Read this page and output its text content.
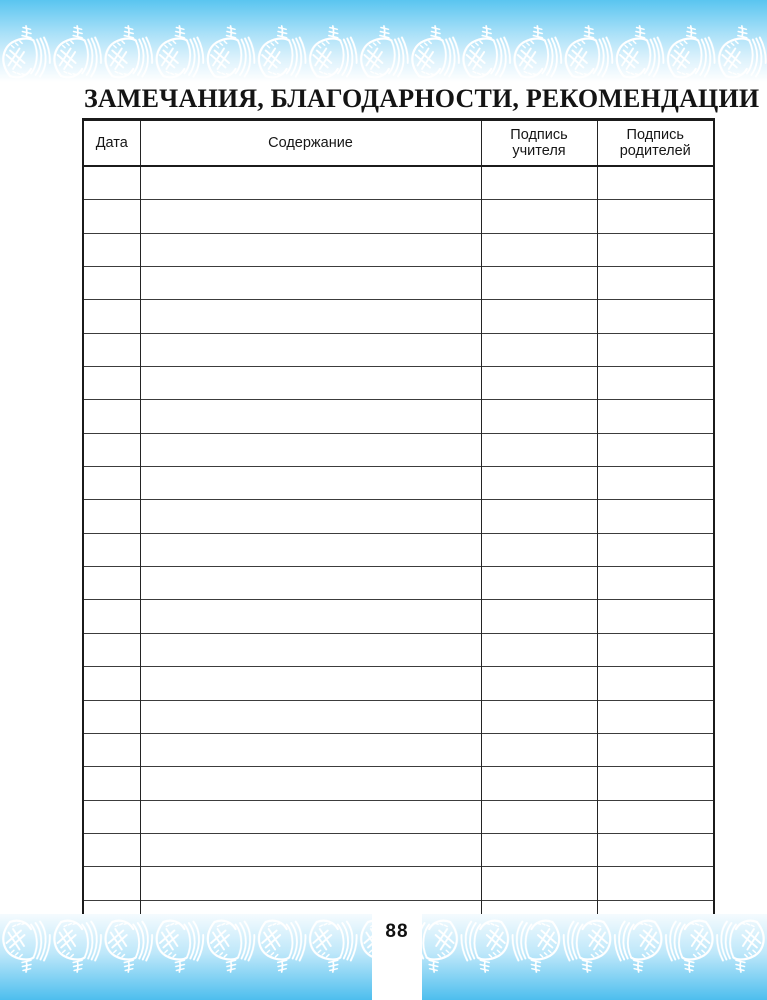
ЗАМЕЧАНИЯ, БЛАГОДАРНОСТИ, РЕКОМЕНДАЦИИ
Дата	Содержание	Подпись учителя	Подпись родителей

88
